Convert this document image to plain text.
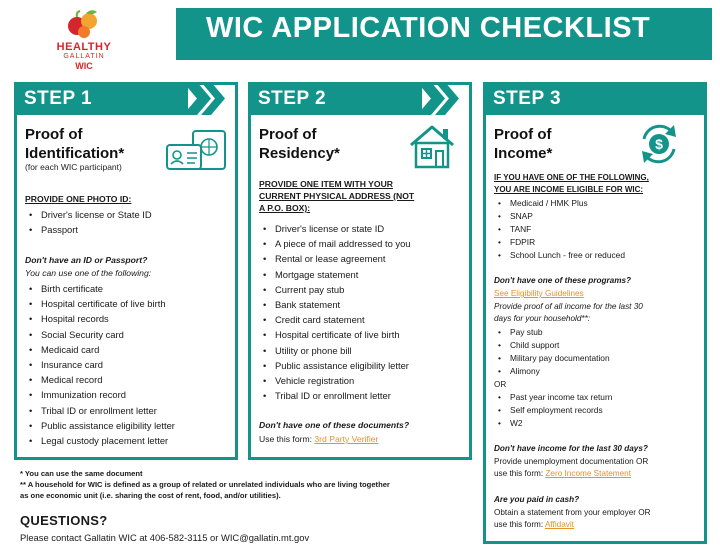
HEALTHY
GALLATIN
WIC
WIC APPLICATION CHECKLIST
STEP 1
Proof of
Identification*
(for each WIC participant)
PROVIDE ONE PHOTO ID:
• Driver's license or State ID
• Passport
Don't have an ID or Passport?
You can use one of the following:
• Birth certificate
• Hospital certificate of live birth
• Hospital records
• Social Security card
• Medicaid card
• Insurance card
• Medical record
• Immunization record
• Tribal ID or enrollment letter
• Public assistance eligibility letter
• Legal custody placement letter
STEP 2
Proof of
Residency*
PROVIDE ONE ITEM WITH YOUR
CURRENT PHYSICAL ADDRESS (NOT
A P.O. BOX):
• Driver's license or state ID
• A piece of mail addressed to you
• Rental or lease agreement
• Mortgage statement
• Current pay stub
• Bank statement
• Credit card statement
• Hospital certificate of live birth
• Utility or phone bill
• Public assistance eligibility letter
• Vehicle registration
• Tribal ID or enrollment letter
Don't have one of these documents?
Use this form: 3rd Party Verifier
STEP 3
Proof of
Income*
$
IF YOU HAVE ONE OF THE FOLLOWING,
YOU ARE INCOME ELIGIBLE FOR WIC:
• Medicaid / HMK Plus
• SNAP
• TANF
• FDPIR
• School Lunch - free or reduced
Don't have one of these programs?
See Eligibility Guidelines
Provide proof of all income for the last 30
days for your household**:
• Pay stub
• Child support
• Military pay documentation
• Alimony
OR
• Past year income tax return
• Self employment records
• W2
Don't have income for the last 30 days?
Provide unemployment documentation OR
use this form: Zero Income Statement
Are you paid in cash?
Obtain a statement from your employer OR
use this form: Affidavit
* You can use the same document
** A household for WIC is defined as a group of related or unrelated individuals who are living together
as one economic unit (i.e. sharing the cost of rent, food, and/or utilities).
QUESTIONS?
Please contact Gallatin WIC at 406-582-3115 or WIC@gallatin.mt.gov
